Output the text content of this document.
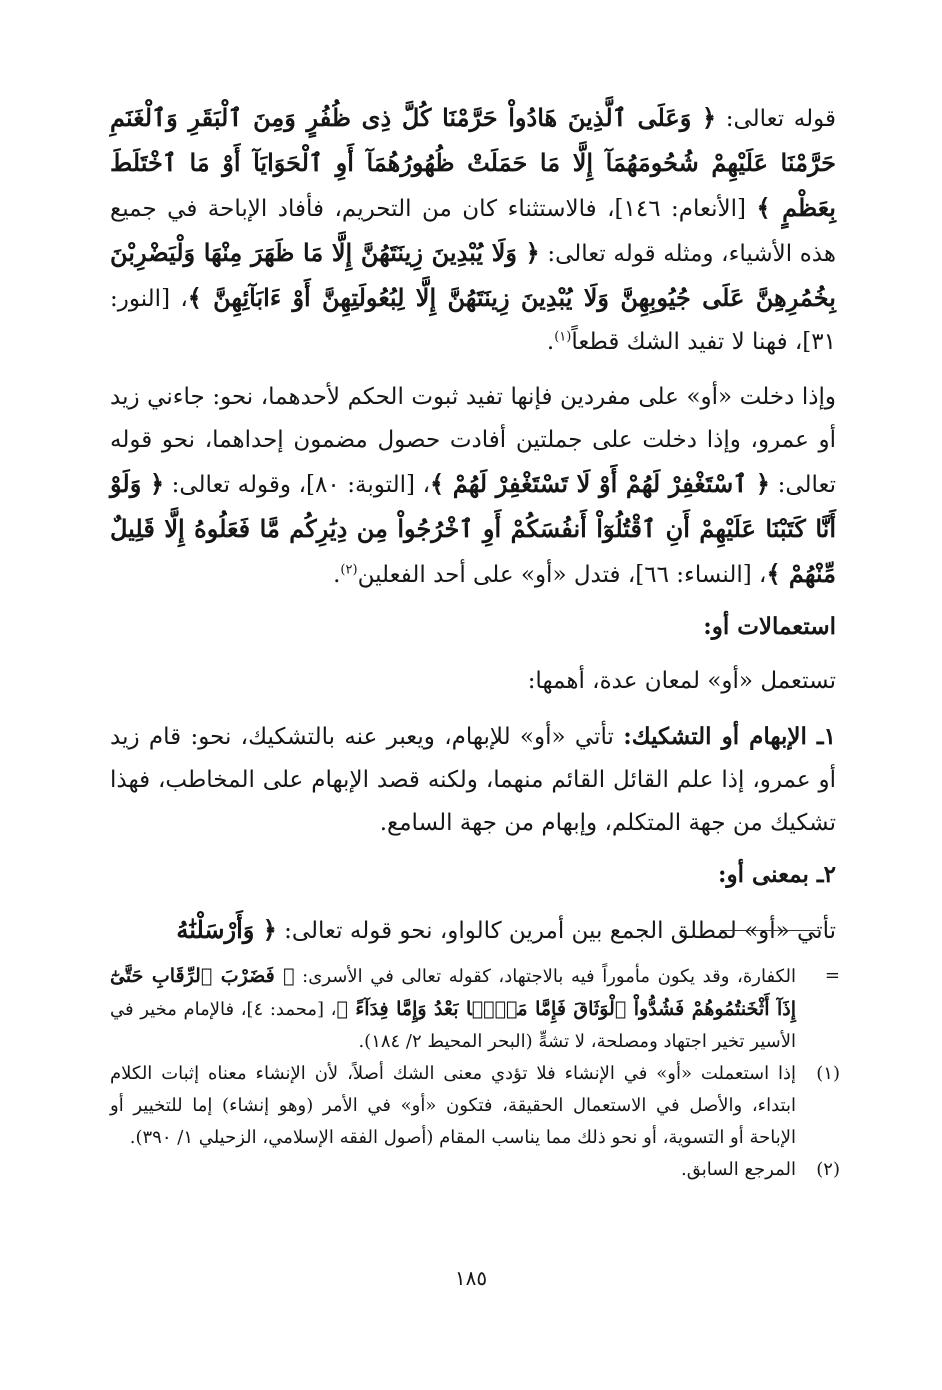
قوله تعالى: ﴿ وَعَلَى ٱلَّذِينَ هَادُواْ حَرَّمْنَا كُلَّ ذِى ظُفُرٍ وَمِنَ ٱلْبَقَرِ وَٱلْغَنَمِ حَرَّمْنَا عَلَيْهِمْ شُحُومَهُمَآ إِلَّا مَا حَمَلَتْ ظُهُورُهُمَآ أَوِ ٱلْحَوَايَآ أَوْ مَا ٱخْتَلَطَ بِعَظْمٍ ﴾ [الأنعام: ١٤٦]، فالاستثناء كان من التحريم، فأفاد الإباحة في جميع هذه الأشياء، ومثله قوله تعالى: ﴿ وَلَا يُبْدِينَ زِينَتَهُنَّ إِلَّا مَا ظَهَرَ مِنْهَا وَلْيَضْرِبْنَ بِخُمُرِهِنَّ عَلَى جُيُوبِهِنَّ وَلَا يُبْدِينَ زِينَتَهُنَّ إِلَّا لِبُعُولَتِهِنَّ أَوْ ءَابَآئِهِنَّ ﴾، [النور: ٣١]، فهنا لا تفيد الشك قطعاً$^{(١)}$.

وإذا دخلت «أو» على مفردين فإنها تفيد ثبوت الحكم لأحدهما، نحو: جاءني زيد أو عمرو، وإذا دخلت على جملتين أفادت حصول مضمون إحداهما، نحو قوله تعالى: ﴿ ٱسْتَغْفِرْ لَهُمْ أَوْ لَا تَسْتَغْفِرْ لَهُمْ ﴾، [التوبة: ٨٠]، وقوله تعالى: ﴿ وَلَوْ أَنَّا كَتَبْنَا عَلَيْهِمْ أَنِ ٱقْتُلُوٓاْ أَنفُسَكُمْ أَوِ ٱخْرُجُواْ مِن دِيَٰرِكُم مَّا فَعَلُوهُ إِلَّا قَلِيلٌ مِّنْهُمْ ﴾، [النساء: ٦٦]، فتدل «أو» على أحد الفعلين$^{(٢)}$.

استعمالات أو:

تستعمل «أو» لمعان عدة، أهمها:

١ـ الإبهام أو التشكيك: تأتي «أو» للإبهام، ويعبر عنه بالتشكيك، نحو: قام زيد أو عمرو، إذا علم القائل القائم منهما، ولكنه قصد الإبهام على المخاطب، فهذا تشكيك من جهة المتكلم، وإبهام من جهة السامع.

٢ـ بمعنى أو:

تأتي «أو» لمطلق الجمع بين أمرين كالواو، نحو قوله تعالى: ﴿ وَأَرْسَلْنَٰهُ

=
الكفارة، وقد يكون مأموراً فيه بالاجتهاد، كقوله تعالى في الأسرى: ﴿ فَضَرْبَ ٱلرِّقَابِ حَتَّىٰٓ إِذَآ أَثْخَنتُمُوهُمْ فَشُدُّواْ ٱلْوَثَاقَ فَإِمَّا مَنًّۢا بَعْدُ وَإِمَّا فِدَآءً ﴾، [محمد: ٤]، فالإمام مخير في الأسير تخير اجتهاد ومصلحة، لا تشهٍّ (البحر المحيط ٢/ ١٨٤).

(١)
إذا استعملت «أو» في الإنشاء فلا تؤدي معنى الشك أصلاً، لأن الإنشاء معناه إثبات الكلام ابتداء، والأصل في الاستعمال الحقيقة، فتكون «أو» في الأمر (وهو إنشاء) إما للتخيير أو الإباحة أو التسوية، أو نحو ذلك مما يناسب المقام (أصول الفقه الإسلامي، الزحيلي ١/ ٣٩٠).

(٢)
المرجع السابق.

١٨٥
